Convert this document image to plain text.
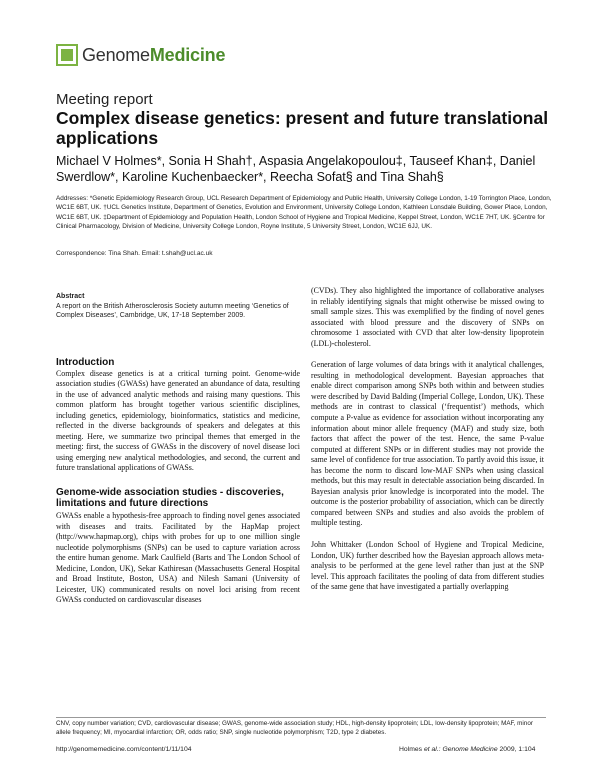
GenomeMedicine
Meeting report
Complex disease genetics: present and future translational applications
Michael V Holmes*, Sonia H Shah†, Aspasia Angelakopoulou‡, Tauseef Khan‡, Daniel Swerdlow*, Karoline Kuchenbaecker*, Reecha Sofat§ and Tina Shah§
Addresses: *Genetic Epidemiology Research Group, UCL Research Department of Epidemiology and Public Health, University College London, 1-19 Torrington Place, London, WC1E 6BT, UK. †UCL Genetics Institute, Department of Genetics, Evolution and Environment, University College London, Kathleen Lonsdale Building, Gower Place, London, WC1E 6BT, UK. ‡Department of Epidemiology and Population Health, London School of Hygiene and Tropical Medicine, Keppel Street, London, WC1E 7HT, UK. §Centre for Clinical Pharmacology, Division of Medicine, University College London, Royne Institute, 5 University Street, London, WC1E 6JJ, UK.
Correspondence: Tina Shah. Email: t.shah@ucl.ac.uk
Abstract
A report on the British Atherosclerosis Society autumn meeting ‘Genetics of Complex Diseases’, Cambridge, UK, 17-18 September 2009.
Introduction

Complex disease genetics is at a critical turning point. Genome-wide association studies (GWASs) have generated an abundance of data, resulting in the use of advanced analytic methods and raising many questions. This common platform has brought together various scientific disciplines, including genetics, epidemiology, bioinformatics, statistics and medicine, reflected in the diverse backgrounds of speakers and delegates at this meeting. Here, we summarize two principal themes that emerged in the meeting: first, the success of GWASs in the discovery of novel disease loci using emerging new analytical methodologies, and second, the current and future translational applications of GWASs.

Genome-wide association studies - discoveries, limitations and future directions

GWASs enable a hypothesis-free approach to finding novel genes associated with diseases and traits. Facilitated by the HapMap project (http://www.hapmap.org), chips with probes for up to one million single nucleotide polymorphisms (SNPs) can be used to capture variation across the entire human genome. Mark Caulfield (Barts and The London School of Medicine, London, UK), Sekar Kathiresan (Massachusetts General Hospital and Broad Institute, Boston, USA) and Nilesh Samani (University of Leicester, UK) communicated results on novel loci arising from recent GWASs conducted on cardiovascular diseases

(CVDs). They also highlighted the importance of collaborative analyses in reliably identifying signals that might otherwise be missed owing to small sample sizes. This was exemplified by the finding of novel genes associated with blood pressure and the discovery of SNPs on chromosome 1 associated with CVD that alter low-density lipoprotein (LDL)-cholesterol.

Generation of large volumes of data brings with it analytical challenges, resulting in methodological development. Bayesian approaches that enable direct comparison among SNPs both within and between studies were described by David Balding (Imperial College, London, UK). These methods are in contrast to classical (‘frequentist’) methods, which compute a P-value as evidence for association without incorporating any information about minor allele frequency (MAF) and study size, both factors that affect the power of the test. Hence, the same P-value computed at different SNPs or in different studies may not provide the same level of confidence for true association. To partly avoid this issue, it has become the norm to discard low-MAF SNPs when using classical methods, but this may result in detectable association being discarded. In Bayesian analysis prior knowledge is incorporated into the model. The outcome is the posterior probability of association, which can be directly compared between SNPs and studies and also avoids the problem of multiple testing.

John Whittaker (London School of Hygiene and Tropical Medicine, London, UK) further described how the Bayesian approach allows meta-analysis to be performed at the gene level rather than just at the SNP level. This approach facilitates the pooling of data from different studies of the same gene that have investigated a partially overlapping

CNV, copy number variation; CVD, cardiovascular disease; GWAS, genome-wide association study; HDL, high-density lipoprotein; LDL, low-density lipoprotein; MAF, minor allele frequency; MI, myocardial infarction; OR, odds ratio; SNP, single nucleotide polymorphism; T2D, type 2 diabetes.
http://genomemedicine.com/content/1/11/104	Holmes et al.: Genome Medicine 2009, 1:104
